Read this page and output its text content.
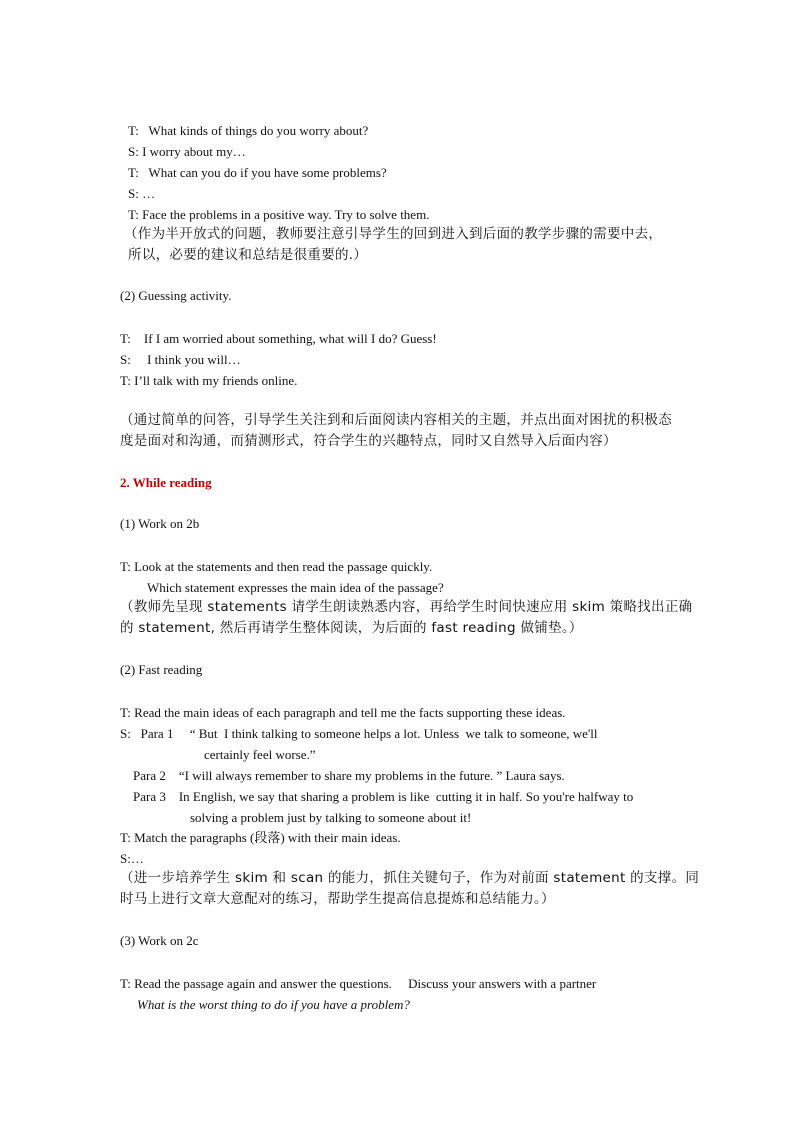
T:   What kinds of things do you worry about?
S: I worry about my…
T:   What can you do if you have some problems?
S: …
T: Face the problems in a positive way. Try to solve them.
（作为半开放式的问题，教师要注意引导学生的回到进入到后面的教学步骤的需要中去，
所以，必要的建议和总结是很重要的.）
(2) Guessing activity.
T:    If I am worried about something, what will I do? Guess!
S:     I think you will…
T: I’ll talk with my friends online.
（通过简单的问答，引导学生关注到和后面阅读内容相关的主题，并点出面对困扰的积极态
度是面对和沟通，而猜测形式，符合学生的兴趣特点，同时又自然导入后面内容）
2. While reading
(1) Work on 2b
T: Look at the statements and then read the passage quickly.
Which statement expresses the main idea of the passage?
（教师先呈现 statements 请学生朗读熟悉内容，再给学生时间快速应用 skim 策略找出正确
的 statement, 然后再请学生整体阅读，为后面的 fast reading 做铺垫。）
(2) Fast reading
T: Read the main ideas of each paragraph and tell me the facts supporting these ideas.
S:   Para 1     “ But  I think talking to someone helps a lot. Unless  we talk to someone, we'll
certainly feel worse.”
Para 2    “I will always remember to share my problems in the future. ” Laura says.
Para 3    In English, we say that sharing a problem is like  cutting it in half. So you're halfway to
solving a problem just by talking to someone about it!
T: Match the paragraphs (段落) with their main ideas.
S:…
（进一步培养学生 skim 和 scan 的能力，抓住关键句子，作为对前面 statement 的支撑。同
时马上进行文章大意配对的练习，帮助学生提高信息提炼和总结能力。）
(3) Work on 2c
T: Read the passage again and answer the questions.     Discuss your answers with a partner
What is the worst thing to do if you have a problem?
